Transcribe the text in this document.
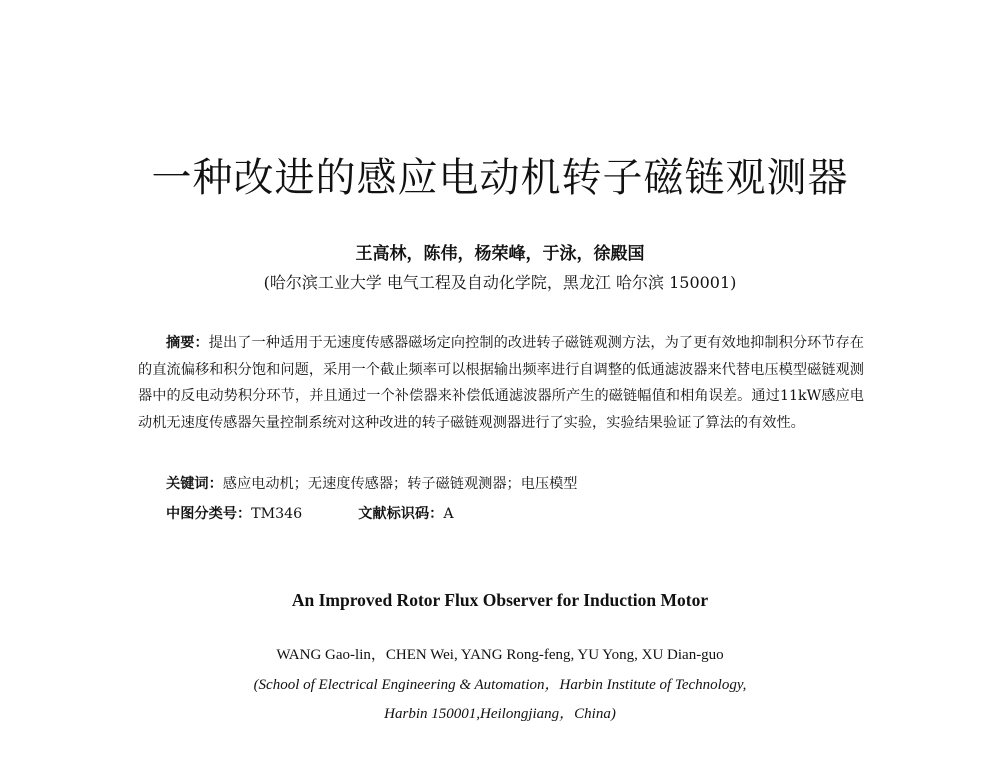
一种改进的感应电动机转子磁链观测器
王高林，陈伟，杨荣峰，于泳，徐殿国
(哈尔滨工业大学 电气工程及自动化学院，黑龙江 哈尔滨 150001)

摘要：提出了一种适用于无速度传感器磁场定向控制的改进转子磁链观测方法，为了更有效地抑制积分环节存在的直流偏移和积分饱和问题，采用一个截止频率可以根据输出频率进行自调整的低通滤波器来代替电压模型磁链观测器中的反电动势积分环节，并且通过一个补偿器来补偿低通滤波器所产生的磁链幅值和相角误差。通过11kW感应电动机无速度传感器矢量控制系统对这种改进的转子磁链观测器进行了实验，实验结果验证了算法的有效性。

关键词：感应电动机；无速度传感器；转子磁链观测器；电压模型
中图分类号：TM346	文献标识码：A
An Improved Rotor Flux Observer for Induction Motor
WANG Gao-lin，CHEN Wei, YANG Rong-feng, YU Yong, XU Dian-guo
(School of Electrical Engineering & Automation，Harbin Institute of Technology,
Harbin 150001,Heilongjiang，China)
